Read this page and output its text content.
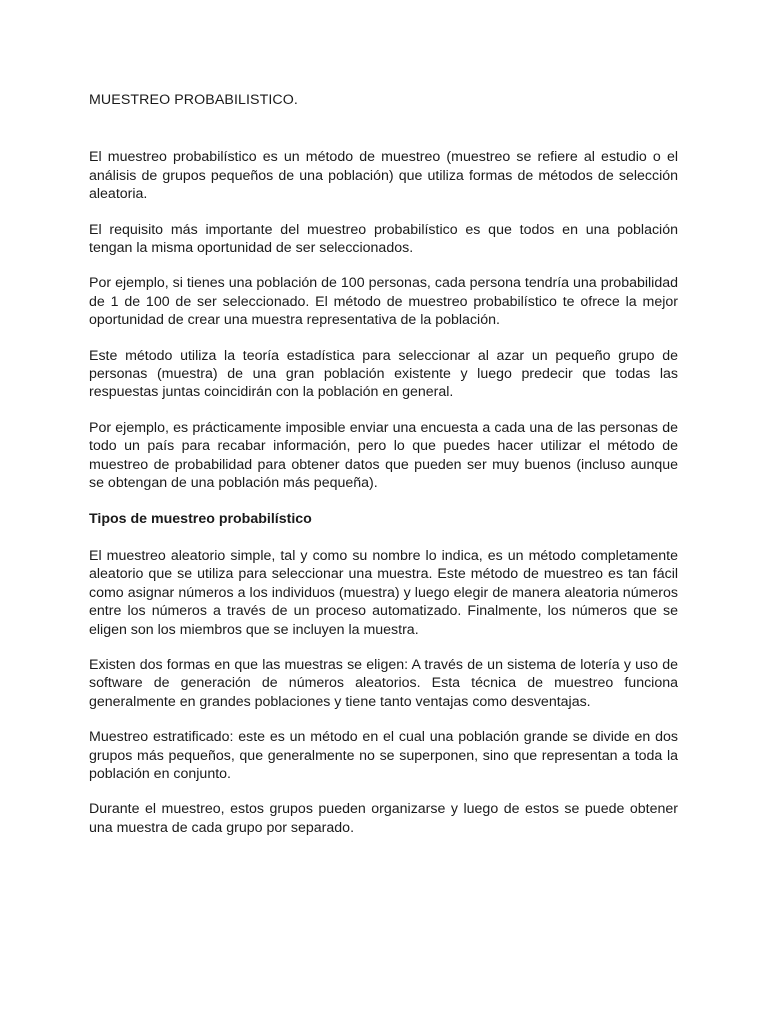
MUESTREO PROBABILISTICO.

El muestreo probabilístico es un método de muestreo (muestreo se refiere al estudio o el análisis de grupos pequeños de una población) que utiliza formas de métodos de selección aleatoria.

El requisito más importante del muestreo probabilístico es que todos en una población tengan la misma oportunidad de ser seleccionados.

Por ejemplo, si tienes una población de 100 personas, cada persona tendría una probabilidad de 1 de 100 de ser seleccionado. El método de muestreo probabilístico te ofrece la mejor oportunidad de crear una muestra representativa de la población.

Este método utiliza la teoría estadística para seleccionar al azar un pequeño grupo de personas (muestra) de una gran población existente y luego predecir que todas las respuestas juntas coincidirán con la población en general.

Por ejemplo, es prácticamente imposible enviar una encuesta a cada una de las personas de todo un país para recabar información, pero lo que puedes hacer utilizar el método de muestreo de probabilidad para obtener datos que pueden ser muy buenos (incluso aunque se obtengan de una población más pequeña).

Tipos de muestreo probabilístico

El muestreo aleatorio simple, tal y como su nombre lo indica, es un método completamente aleatorio que se utiliza para seleccionar una muestra. Este método de muestreo es tan fácil como asignar números a los individuos (muestra) y luego elegir de manera aleatoria números entre los números a través de un proceso automatizado. Finalmente, los números que se eligen son los miembros que se incluyen la muestra.

Existen dos formas en que las muestras se eligen: A través de un sistema de lotería y uso de software de generación de números aleatorios. Esta técnica de muestreo funciona generalmente en grandes poblaciones y tiene tanto ventajas como desventajas.

Muestreo estratificado: este es un método en el cual una población grande se divide en dos grupos más pequeños, que generalmente no se superponen, sino que representan a toda la población en conjunto.

Durante el muestreo, estos grupos pueden organizarse y luego de estos se puede obtener una muestra de cada grupo por separado.
